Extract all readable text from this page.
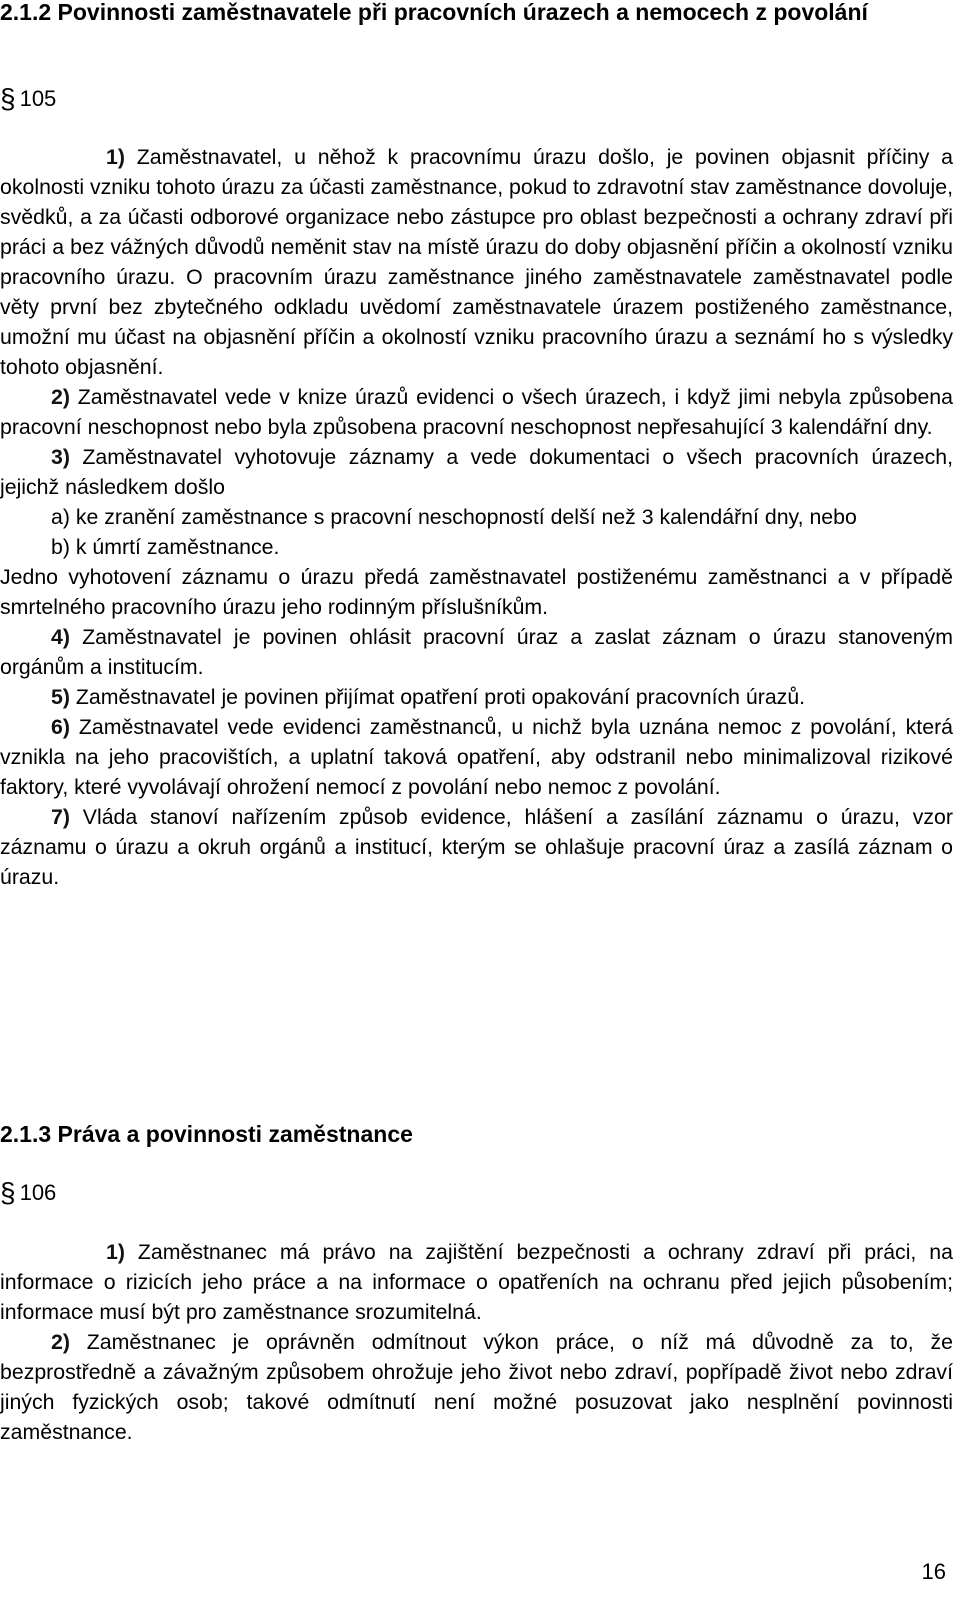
2.1.2 Povinnosti zaměstnavatele při pracovních úrazech a nemocech z povolání
§ 105

1) Zaměstnavatel, u něhož k pracovnímu úrazu došlo, je povinen objasnit příčiny a okolnosti vzniku tohoto úrazu za účasti zaměstnance, pokud to zdravotní stav zaměstnance dovoluje, svědků, a za účasti odborové organizace nebo zástupce pro oblast bezpečnosti a ochrany zdraví při práci a bez vážných důvodů neměnit stav na místě úrazu do doby objasnění příčin a okolností vzniku pracovního úrazu. O pracovním úrazu zaměstnance jiného zaměstnavatele zaměstnavatel podle věty první bez zbytečného odkladu uvědomí zaměstnavatele úrazem postiženého zaměstnance, umožní mu účast na objasnění příčin a okolností vzniku pracovního úrazu a seznámí ho s výsledky tohoto objasnění.

2) Zaměstnavatel vede v knize úrazů evidenci o všech úrazech, i když jimi nebyla způsobena pracovní neschopnost nebo byla způsobena pracovní neschopnost nepřesahující 3 kalendářní dny.

3) Zaměstnavatel vyhotovuje záznamy a vede dokumentaci o všech pracovních úrazech, jejichž následkem došlo

a) ke zranění zaměstnance s pracovní neschopností delší než 3 kalendářní dny, nebo

b) k úmrtí zaměstnance.

Jedno vyhotovení záznamu o úrazu předá zaměstnavatel postiženému zaměstnanci a v případě smrtelného pracovního úrazu jeho rodinným příslušníkům.

4) Zaměstnavatel je povinen ohlásit pracovní úraz a zaslat záznam o úrazu stanoveným orgánům a institucím.

5) Zaměstnavatel je povinen přijímat opatření proti opakování pracovních úrazů.

6) Zaměstnavatel vede evidenci zaměstnanců, u nichž byla uznána nemoc z povolání, která vznikla na jeho pracovištích, a uplatní taková opatření, aby odstranil nebo minimalizoval rizikové faktory, které vyvolávají ohrožení nemocí z povolání nebo nemoc z povolání.

7) Vláda stanoví nařízením způsob evidence, hlášení a zasílání záznamu o úrazu, vzor záznamu o úrazu a okruh orgánů a institucí, kterým se ohlašuje pracovní úraz a zasílá záznam o úrazu.

2.1.3 Práva a povinnosti zaměstnance
§ 106

1) Zaměstnanec má právo na zajištění bezpečnosti a ochrany zdraví při práci, na informace o rizicích jeho práce a na informace o opatřeních na ochranu před jejich působením; informace musí být pro zaměstnance srozumitelná.

2) Zaměstnanec je oprávněn odmítnout výkon práce, o níž má důvodně za to, že bezprostředně a závažným způsobem ohrožuje jeho život nebo zdraví, popřípadě život nebo zdraví jiných fyzických osob; takové odmítnutí není možné posuzovat jako nesplnění povinnosti zaměstnance.

16
